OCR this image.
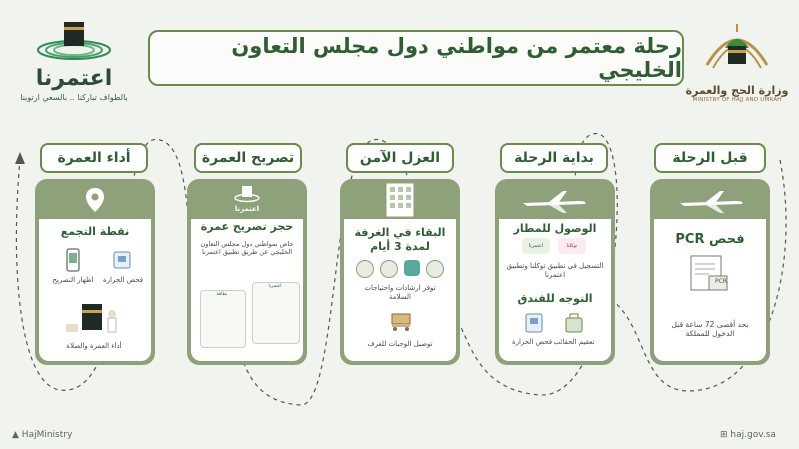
اعتمرنا
بالطواف تباركنا .. بالسعي ارتوينا
وزارة الحج والعمرة
MINISTRY OF HAJJ AND UMRAH
رحلة معتمر من مواطني دول مجلس التعاون الخليجي
قبل الرحلة
فحص PCR
PCR
بحد أقصى 72 ساعة قبل الدخول للمملكة
بداية الرحلة
الوصول للمطار
اعتمرنا	توكلنا
التسجيل في تطبيق توكلنا وتطبيق اعتمرنا
التوجه للفندق
تعقيم الحقائب
فحص الحرارة
العزل الآمن
البقاء في الغرفة لمدة 3 أيام
توفر ارشادات واحتياجات السلامة
توصيل الوجبات للغرف
تصريح العمرة
اعتمرنا
حجز تصريح عمرة
خاص بمواطني دول مجلس التعاون الخليجي عن طريق تطبيق اعتمرنا
بطاقة
اعتمرنا
أداء العمرة
نقطة التجمع
اظهار التصريح	فحص الحرارة
أداء العمرة والصلاة
▲ HajMinistry	⊞ haj.gov.sa
